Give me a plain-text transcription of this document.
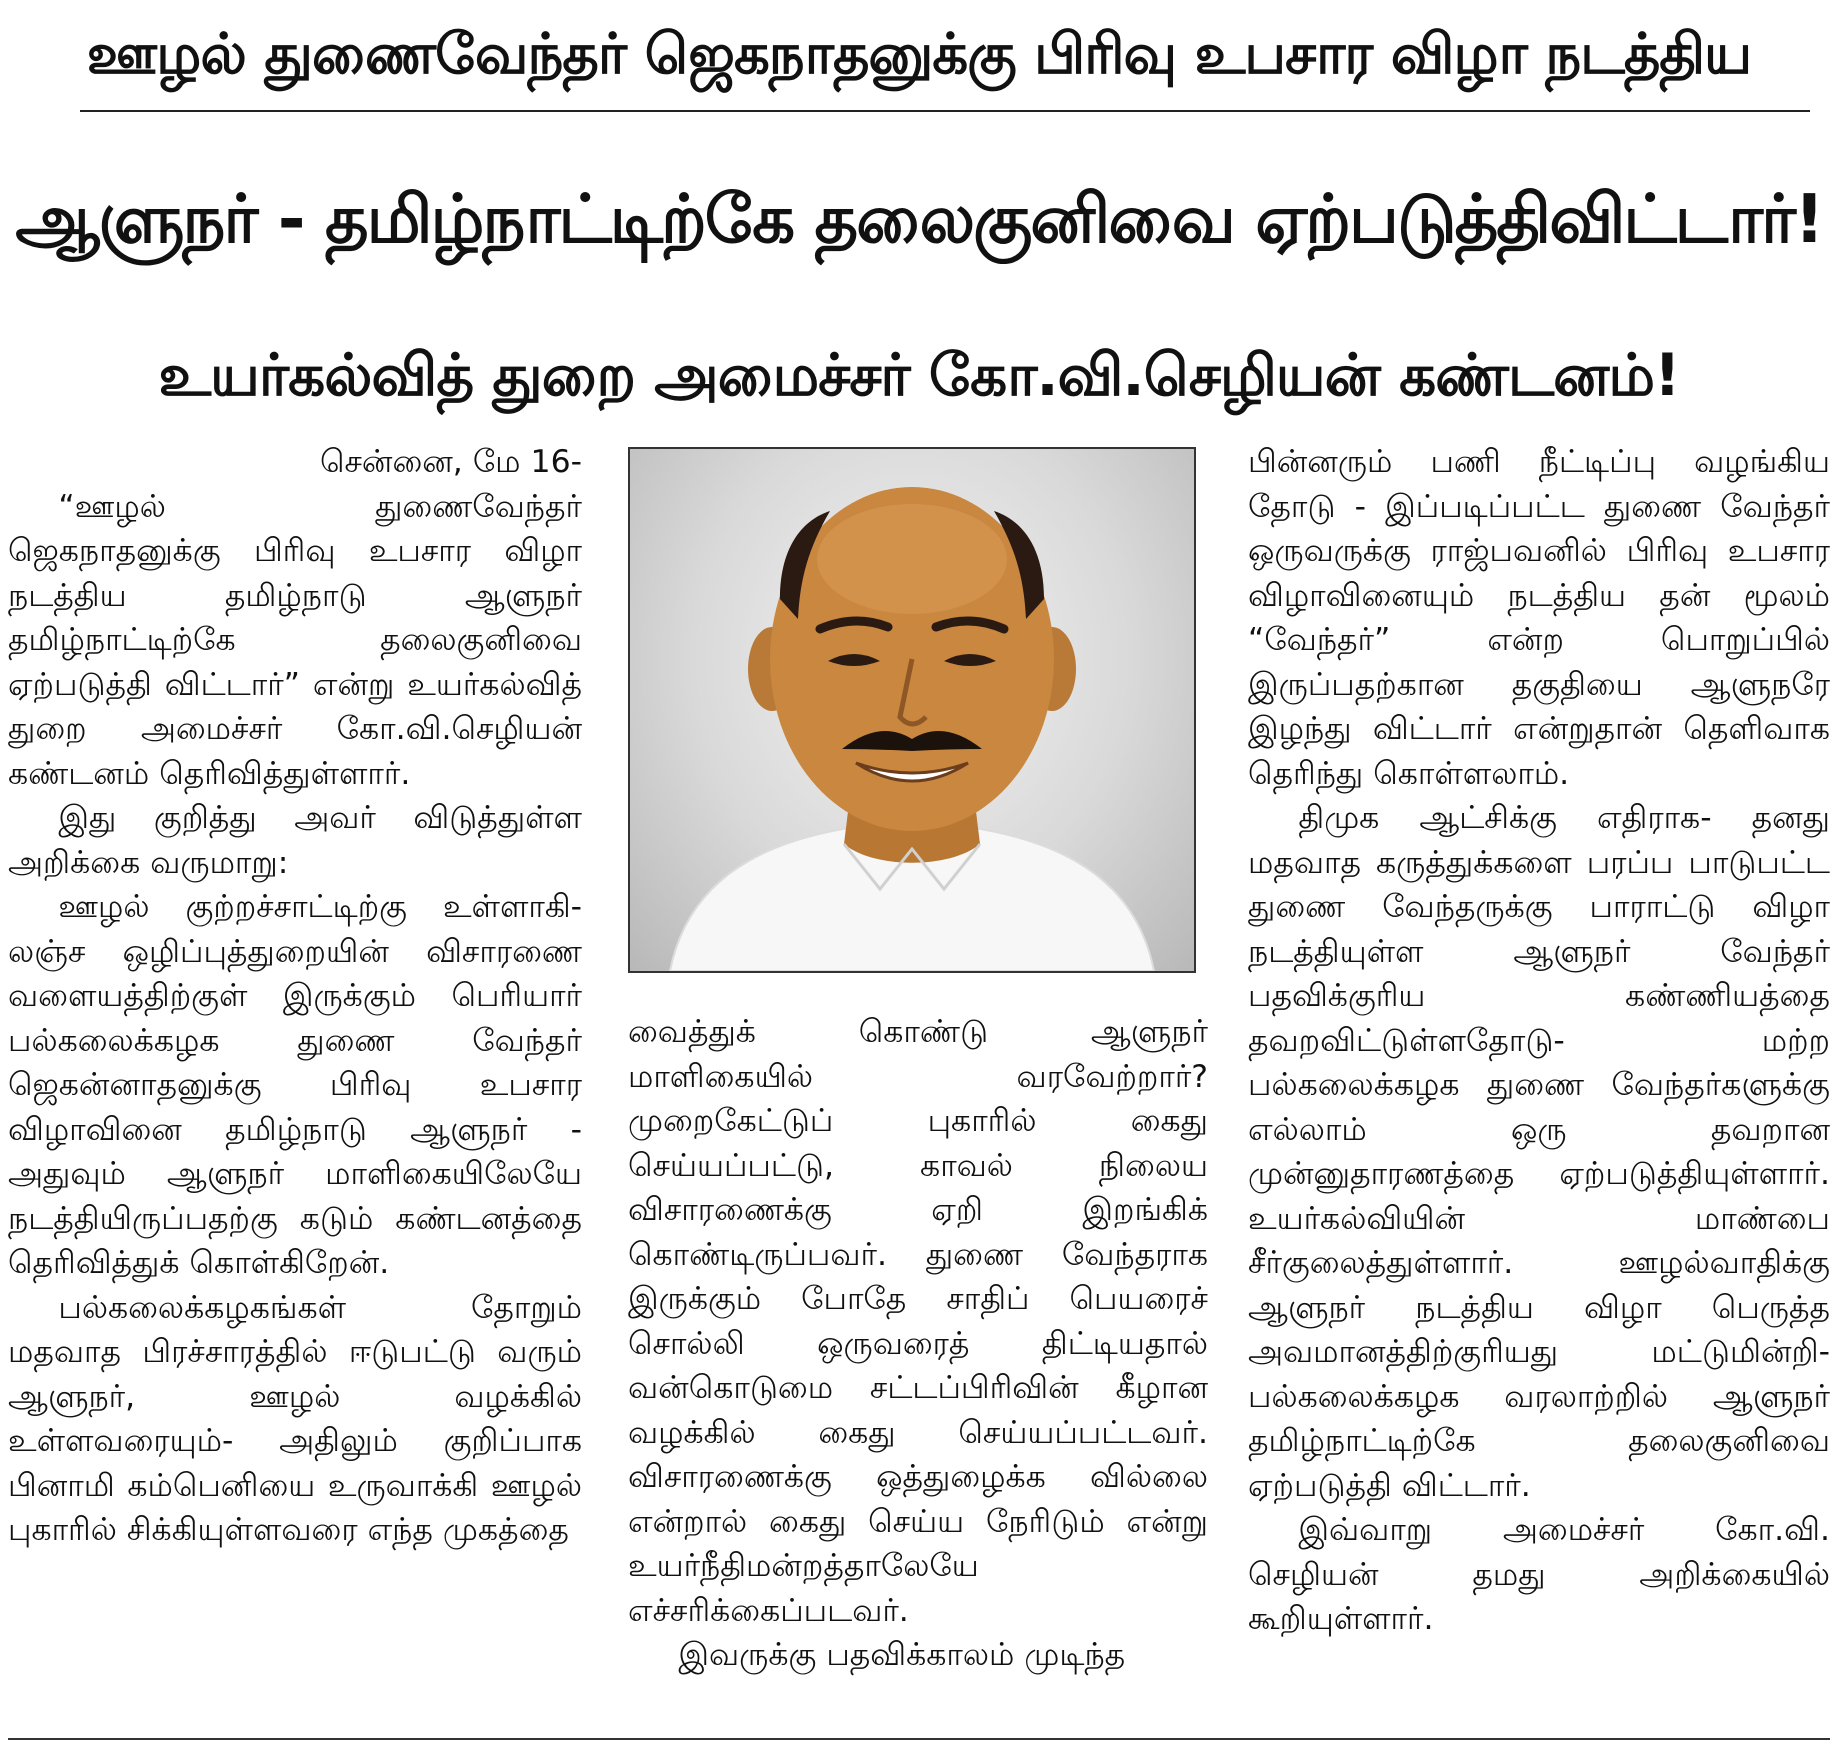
ஊழல் துணைவேந்தர் ஜெகநாதனுக்கு பிரிவு உபசார விழா நடத்திய
ஆளுநர் - தமிழ்நாட்டிற்கே தலைகுனிவை ஏற்படுத்திவிட்டார்!
உயர்கல்வித் துறை அமைச்சர் கோ.வி.செழியன் கண்டனம்!

சென்னை, மே 16-

“ஊழல் துணைவேந்தர் ஜெகநாதனுக்கு பிரிவு உபசார விழா நடத்திய தமிழ்நாடு ஆளுநர் தமிழ்நாட்டிற்கே தலைகுனிவை ஏற்படுத்தி விட்டார்” என்று உயர்கல்வித் துறை அமைச்சர் கோ.வி.செழியன் கண்டனம் தெரிவித்துள்ளார்.

இது குறித்து அவர் விடுத்துள்ள அறிக்கை வருமாறு:

ஊழல் குற்றச்சாட்டிற்கு உள்ளாகி- லஞ்ச ஒழிப்புத்துறையின் விசாரணை வளையத்திற்குள் இருக்கும் பெரியார் பல்கலைக்கழக துணை வேந்தர் ஜெகன்னாதனுக்கு பிரிவு உபசார விழாவினை தமிழ்நாடு ஆளுநர் - அதுவும் ஆளுநர் மாளிகையிலேயே நடத்தியிருப்பதற்கு கடும் கண்டனத்தை தெரிவித்துக் கொள்கிறேன்.

பல்கலைக்கழகங்கள் தோறும் மதவாத பிரச்சாரத்தில் ஈடுபட்டு வரும் ஆளுநர், ஊழல் வழக்கில் உள்ளவரையும்- அதிலும் குறிப்பாக பினாமி கம்பெனியை உருவாக்கி ஊழல் புகாரில் சிக்கியுள்ளவரை எந்த முகத்தை

வைத்துக் கொண்டு ஆளுநர் மாளிகையில் வரவேற்றார்? முறைகேட்டுப் புகாரில் கைது செய்யப்பட்டு, காவல் நிலைய விசாரணைக்கு ஏறி இறங்கிக் கொண்டிருப்பவர். துணை வேந்தராக இருக்கும் போதே சாதிப் பெயரைச் சொல்லி ஒருவரைத் திட்டியதால் வன்கொடுமை சட்டப்பிரிவின் கீழான வழக்கில் கைது செய்யப்பட்டவர். விசாரணைக்கு ஒத்துழைக்க வில்லை என்றால் கைது செய்ய நேரிடும் என்று உயர்நீதிமன்றத்தாலேயே எச்சரிக்கைப்படவர்.

இவருக்கு பதவிக்காலம் முடிந்த

பின்னரும் பணி நீட்டிப்பு வழங்கிய தோடு - இப்படிப்பட்ட துணை வேந்தர் ஒருவருக்கு ராஜ்பவனில் பிரிவு உபசார விழாவினையும் நடத்திய தன் மூலம் “வேந்தர்” என்ற பொறுப்பில் இருப்பதற்கான தகுதியை ஆளுநரே இழந்து விட்டார் என்றுதான் தெளிவாக தெரிந்து கொள்ளலாம்.

திமுக ஆட்சிக்கு எதிராக- தனது மதவாத கருத்துக்களை பரப்ப பாடுபட்ட துணை வேந்தருக்கு பாராட்டு விழா நடத்தியுள்ள ஆளுநர் வேந்தர் பதவிக்குரிய கண்ணியத்தை தவறவிட்டுள்ளதோடு- மற்ற பல்கலைக்கழக துணை வேந்தர்களுக்கு எல்லாம் ஒரு தவறான முன்னுதாரணத்தை ஏற்படுத்தியுள்ளார். உயர்கல்வியின் மாண்பை சீர்குலைத்துள்ளார். ஊழல்வாதிக்கு ஆளுநர் நடத்திய விழா பெருத்த அவமானத்திற்குரியது மட்டுமின்றி- பல்கலைக்கழக வரலாற்றில் ஆளுநர் தமிழ்நாட்டிற்கே தலைகுனிவை ஏற்படுத்தி விட்டார்.

இவ்வாறு அமைச்சர் கோ.வி. செழியன் தமது அறிக்கையில் கூறியுள்ளார்.
